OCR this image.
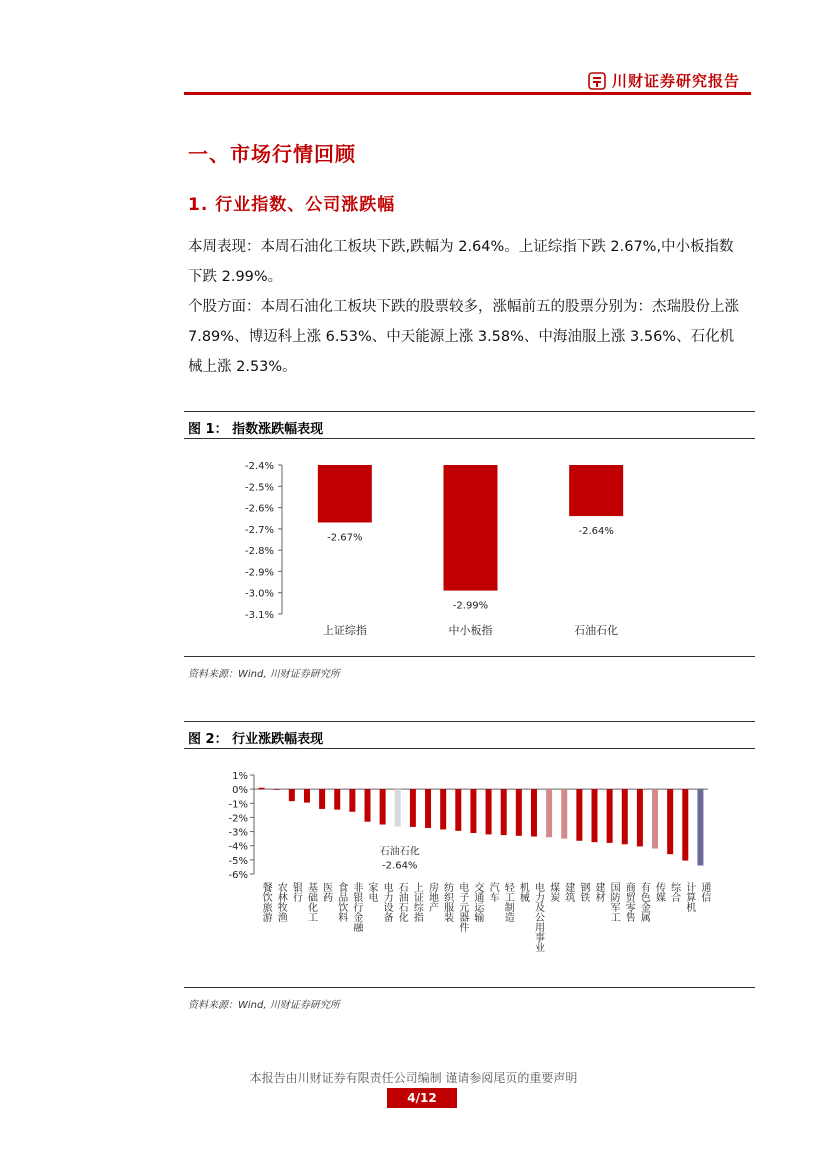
川财证券研究报告
一、市场行情回顾
1. 行业指数、公司涨跌幅
本周表现：本周石油化工板块下跌,跌幅为 2.64%。上证综指下跌 2.67%,中小板指数下跌 2.99%。
个股方面：本周石油化工板块下跌的股票较多，涨幅前五的股票分别为：杰瑞股份上涨 7.89%、博迈科上涨 6.53%、中天能源上涨 3.58%、中海油服上涨 3.56%、石化机械上涨 2.53%。
图 1： 指数涨跌幅表现
-2.4%
-2.5%
-2.6%
-2.7%
-2.8%
-2.9%
-3.0%
-3.1%
-2.67%
上证综指
-2.99%
中小板指
-2.64%
石油石化
资料来源：Wind, 川财证券研究所
图 2： 行业涨跌幅表现
1%
0%
-1%
-2%
-3%
-4%
-5%
-6%
餐饮旅游 农林牧渔 银行 基础化工 医药 食品饮料 非银行金融 家电 电力设备 石油石化
石油石化
-2.64%
上证综指 房地产 纺织服装 电子元器件 交通运输 汽车 轻工制造 机械 电力及公用事业 煤炭 建筑 钢铁 建材 国防军工 商贸零售 有色金属 传媒 综合 计算机 通信
资料来源：Wind, 川财证券研究所
本报告由川财证券有限责任公司编制 谨请参阅尾页的重要声明
4/12
